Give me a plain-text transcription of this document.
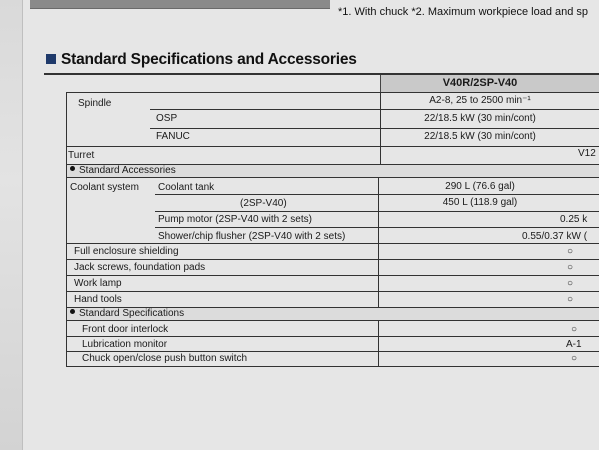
*1. With chuck *2. Maximum workpiece load and sp
Standard Specifications and Accessories
V40R/2SP-V40
Spindle	A2-8, 25 to 2500 min⁻¹
OSP	22/18.5 kW (30 min/cont)
FANUC	22/18.5 kW (30 min/cont)
Turret	V12
Standard Accessories
Coolant system Coolant tank	290 L (76.6 gal)
(2SP-V40)	450 L (118.9 gal)
Pump motor (2SP-V40 with 2 sets)	0.25 k
Shower/chip flusher (2SP-V40 with 2 sets)	0.55/0.37 kW (
Full enclosure shielding	○
Jack screws, foundation pads	○
Work lamp	○
Hand tools	○
Standard Specifications
Front door interlock	○
Lubrication monitor	A-1
Chuck open/close push button switch	○
